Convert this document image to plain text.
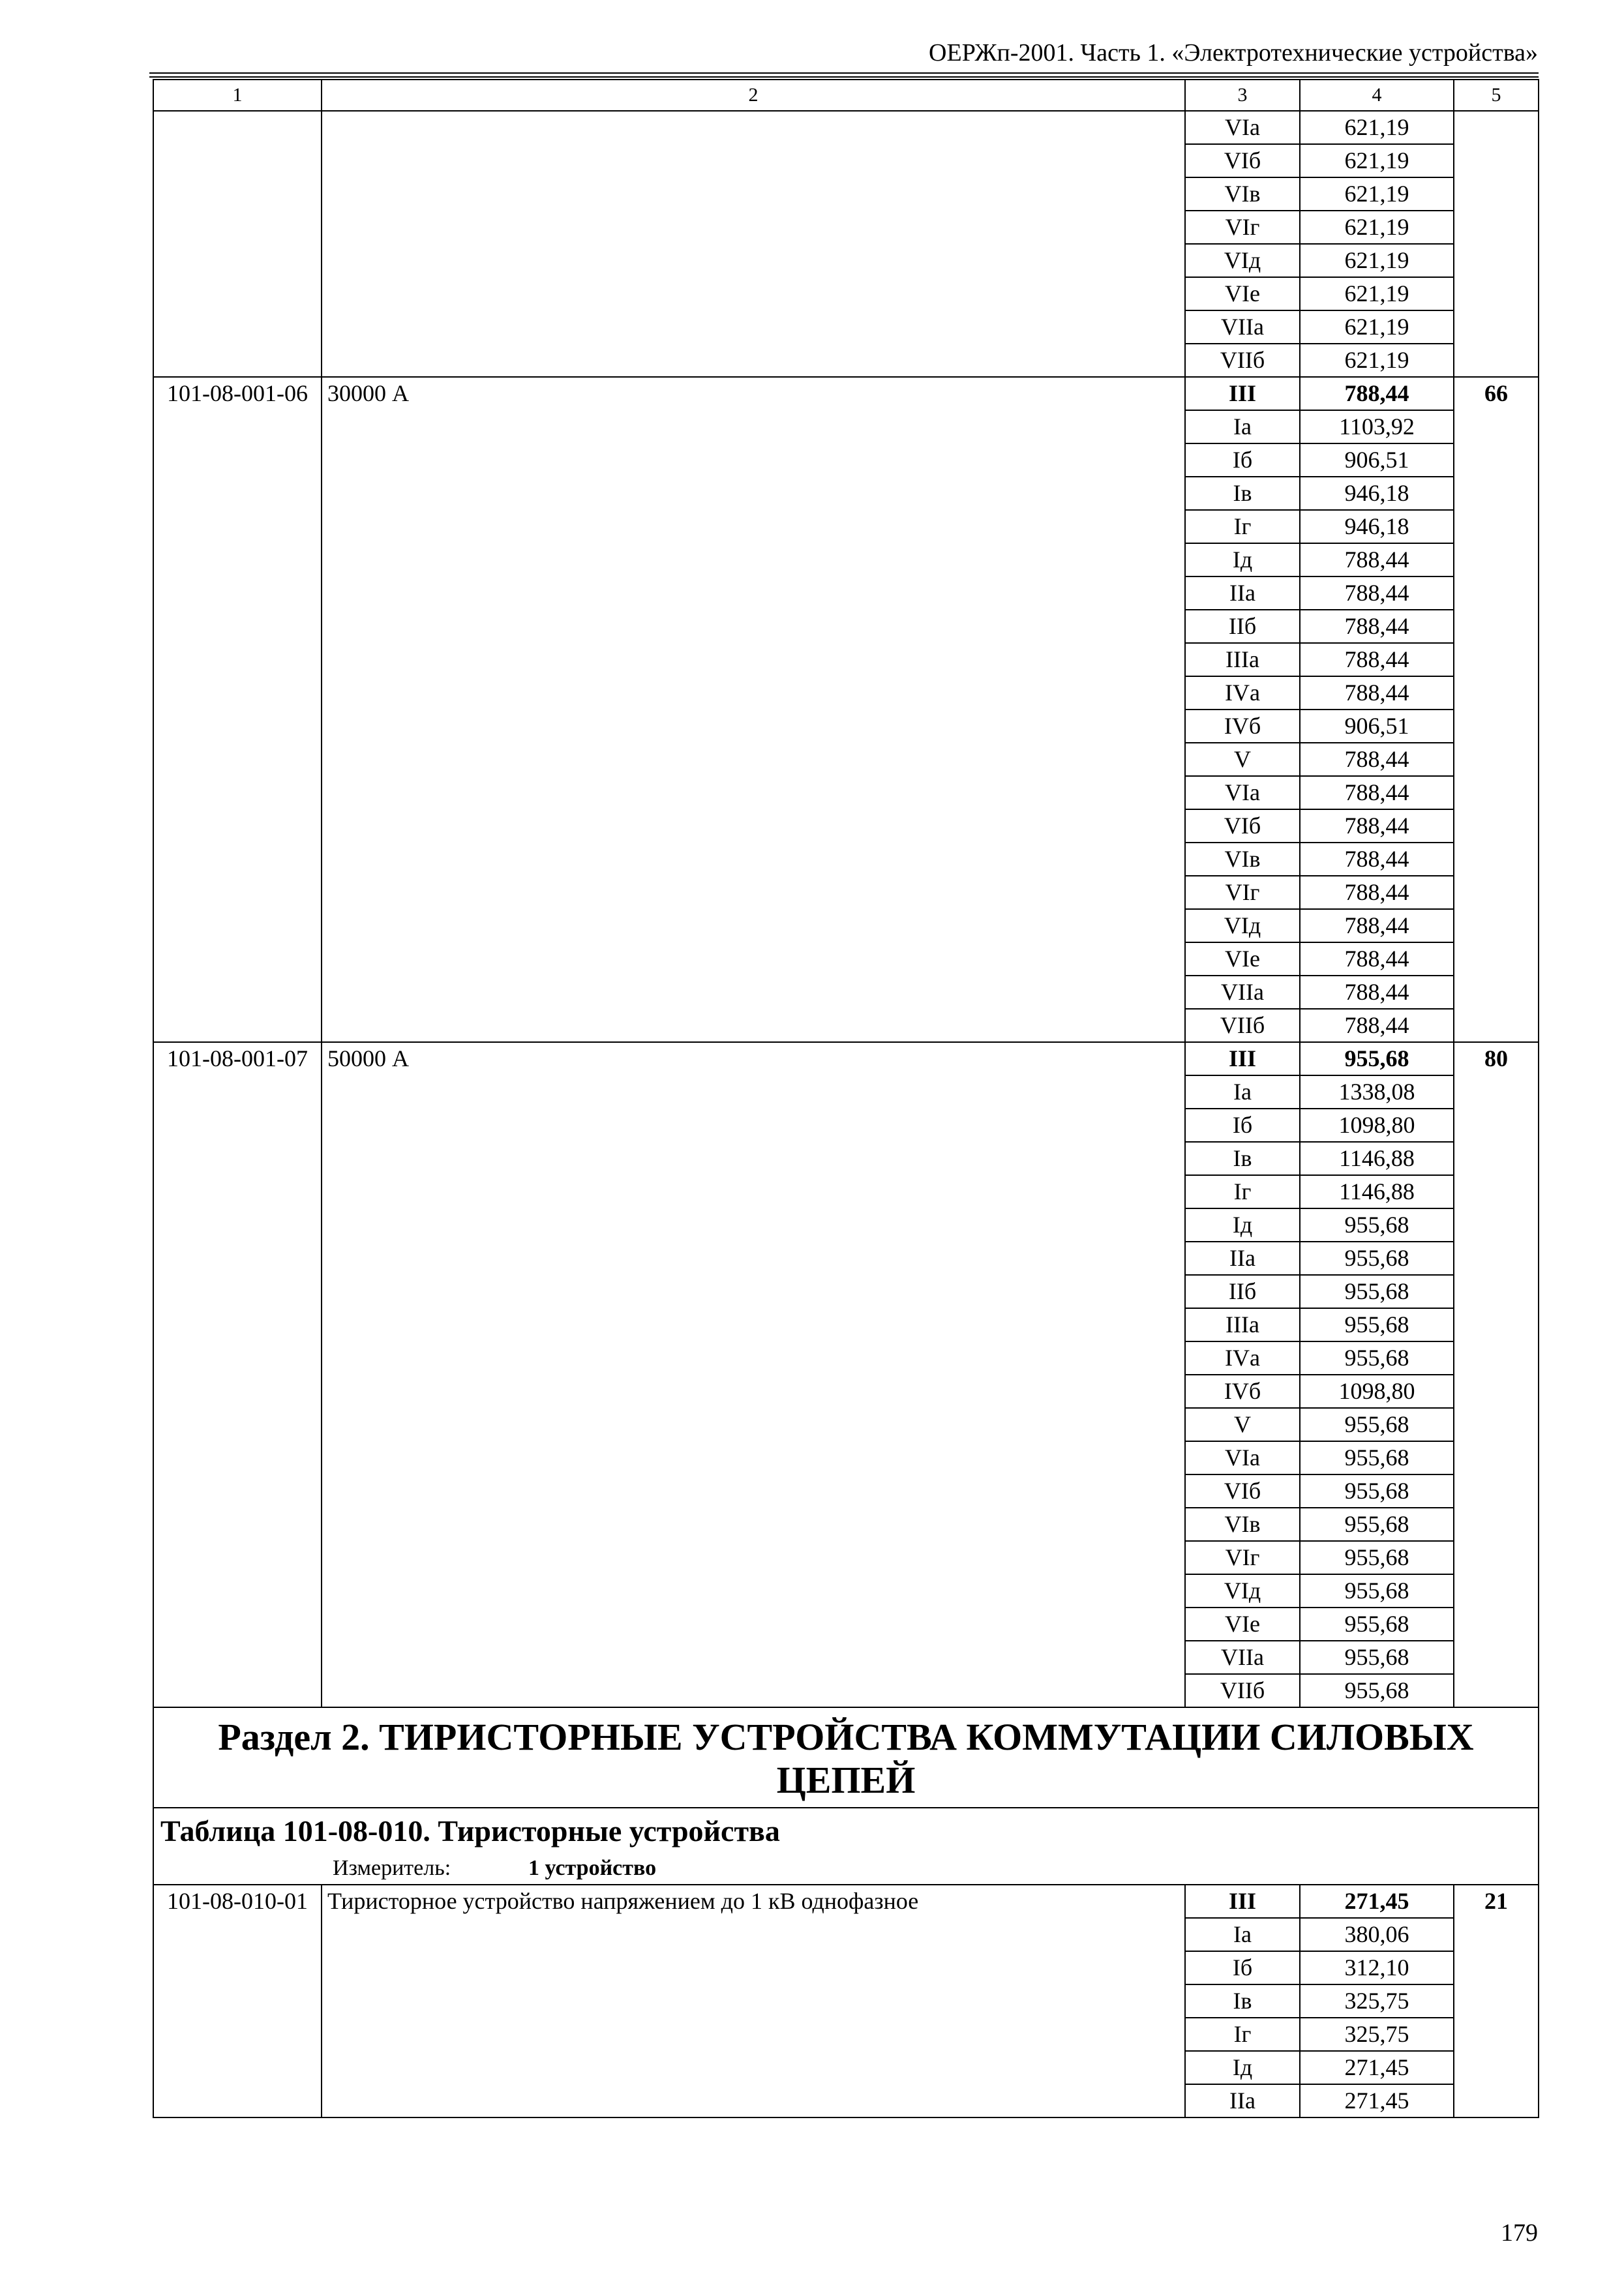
ОЕРЖп-2001. Часть 1. «Электротехнические устройства»
1	2	3	4	5
		VIа	621,19	
		VIб	621,19	
		VIв	621,19	
		VIг	621,19	
		VIд	621,19	
		VIе	621,19	
		VIIа	621,19	
		VIIб	621,19	
101-08-001-06	30000 А	III	788,44	66
		Iа	1103,92	
		Iб	906,51	
		Iв	946,18	
		Iг	946,18	
		Iд	788,44	
		IIа	788,44	
		IIб	788,44	
		IIIа	788,44	
		IVа	788,44	
		IVб	906,51	
		V	788,44	
		VIа	788,44	
		VIб	788,44	
		VIв	788,44	
		VIг	788,44	
		VIд	788,44	
		VIе	788,44	
		VIIа	788,44	
		VIIб	788,44	
101-08-001-07	50000 А	III	955,68	80
		Iа	1338,08	
		Iб	1098,80	
		Iв	1146,88	
		Iг	1146,88	
		Iд	955,68	
		IIа	955,68	
		IIб	955,68	
		IIIа	955,68	
		IVа	955,68	
		IVб	1098,80	
		V	955,68	
		VIа	955,68	
		VIб	955,68	
		VIв	955,68	
		VIг	955,68	
		VIд	955,68	
		VIе	955,68	
		VIIа	955,68	
		VIIб	955,68	
Раздел 2. ТИРИСТОРНЫЕ УСТРОЙСТВА КОММУТАЦИИ СИЛОВЫХ ЦЕПЕЙ				

Таблица 101-08-010. Тиристорные устройства
Измеритель: 1 устройство				

101-08-010-01	Тиристорное устройство напряжением до 1 кВ однофазное	III	271,45	21
		Iа	380,06	
		Iб	312,10	
		Iв	325,75	
		Iг	325,75	
		Iд	271,45	
		IIа	271,45	
179
